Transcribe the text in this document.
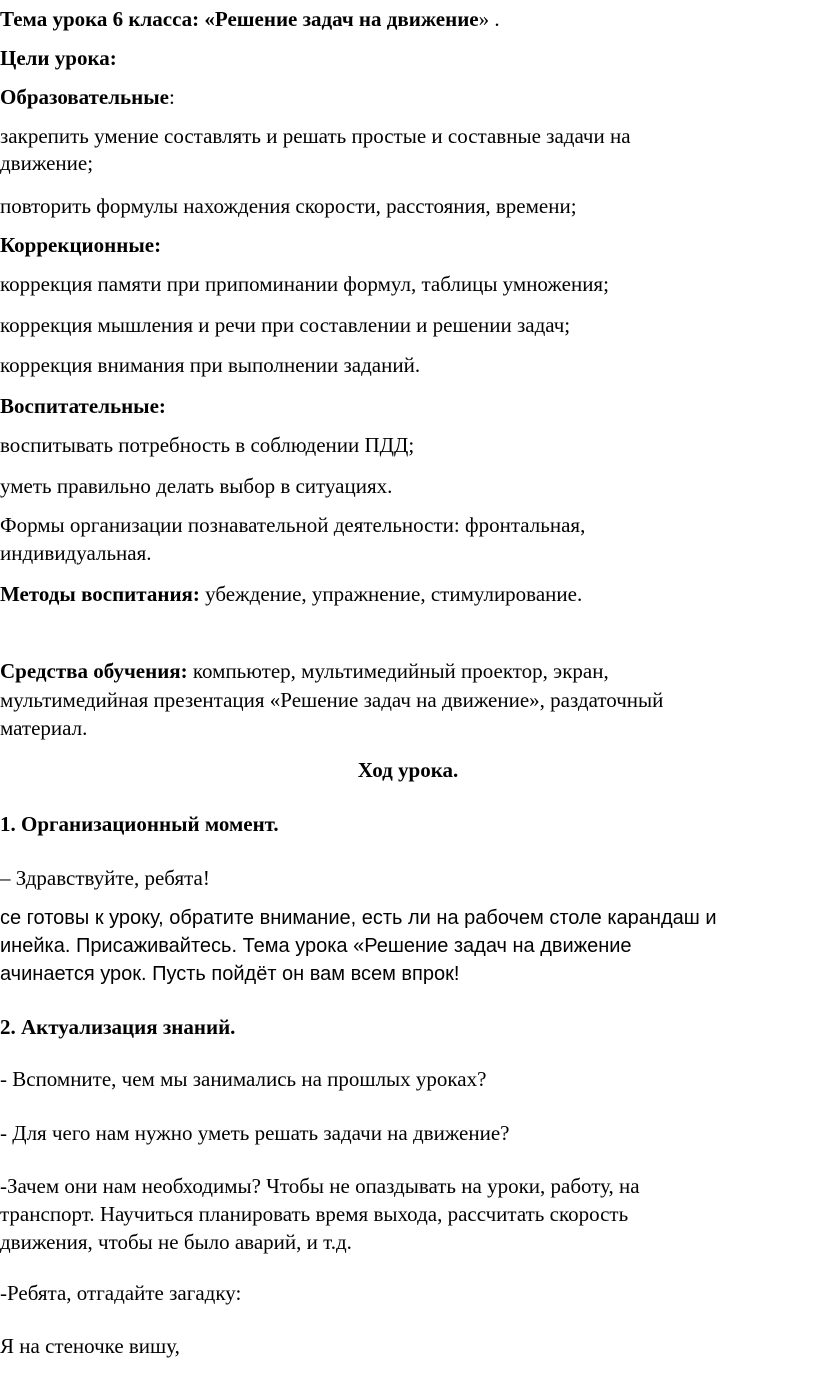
Тема урока 6 класса: «Решение задач на движение» .

Цели урока:

Образовательные:

закрепить умение составлять и решать простые и составные задачи на

движение;

повторить формулы нахождения скорости, расстояния, времени;

Коррекционные:

коррекция памяти при припоминании формул, таблицы умножения;

коррекция мышления и речи при составлении и решении задач;

коррекция внимания при выполнении заданий.

Воспитательные:

воспитывать потребность в соблюдении ПДД;

уметь правильно делать выбор в ситуациях.

Формы организации познавательной деятельности: фронтальная,

индивидуальная.

Методы воспитания: убеждение, упражнение, стимулирование.

Средства обучения: компьютер, мультимедийный проектор, экран,

мультимедийная презентация «Решение задач на движение», раздаточный

материал.

Ход урока.

1. Организационный момент.

– Здравствуйте, ребята!

се готовы к уроку, обратите внимание, есть ли на рабочем столе карандаш и

инейка. Присаживайтесь. Тема урока «Решение задач на движение

ачинается урок. Пусть пойдёт он вам всем впрок!

2. Актуализация знаний.

- Вспомните, чем мы занимались на прошлых уроках?

- Для чего нам нужно уметь решать задачи на движение?

-Зачем они нам необходимы? Чтобы не опаздывать на уроки, работу, на

транспорт. Научиться планировать время выхода, рассчитать скорость

движения, чтобы не было аварий, и т.д.

-Ребята, отгадайте загадку:

Я на стеночке вишу,
